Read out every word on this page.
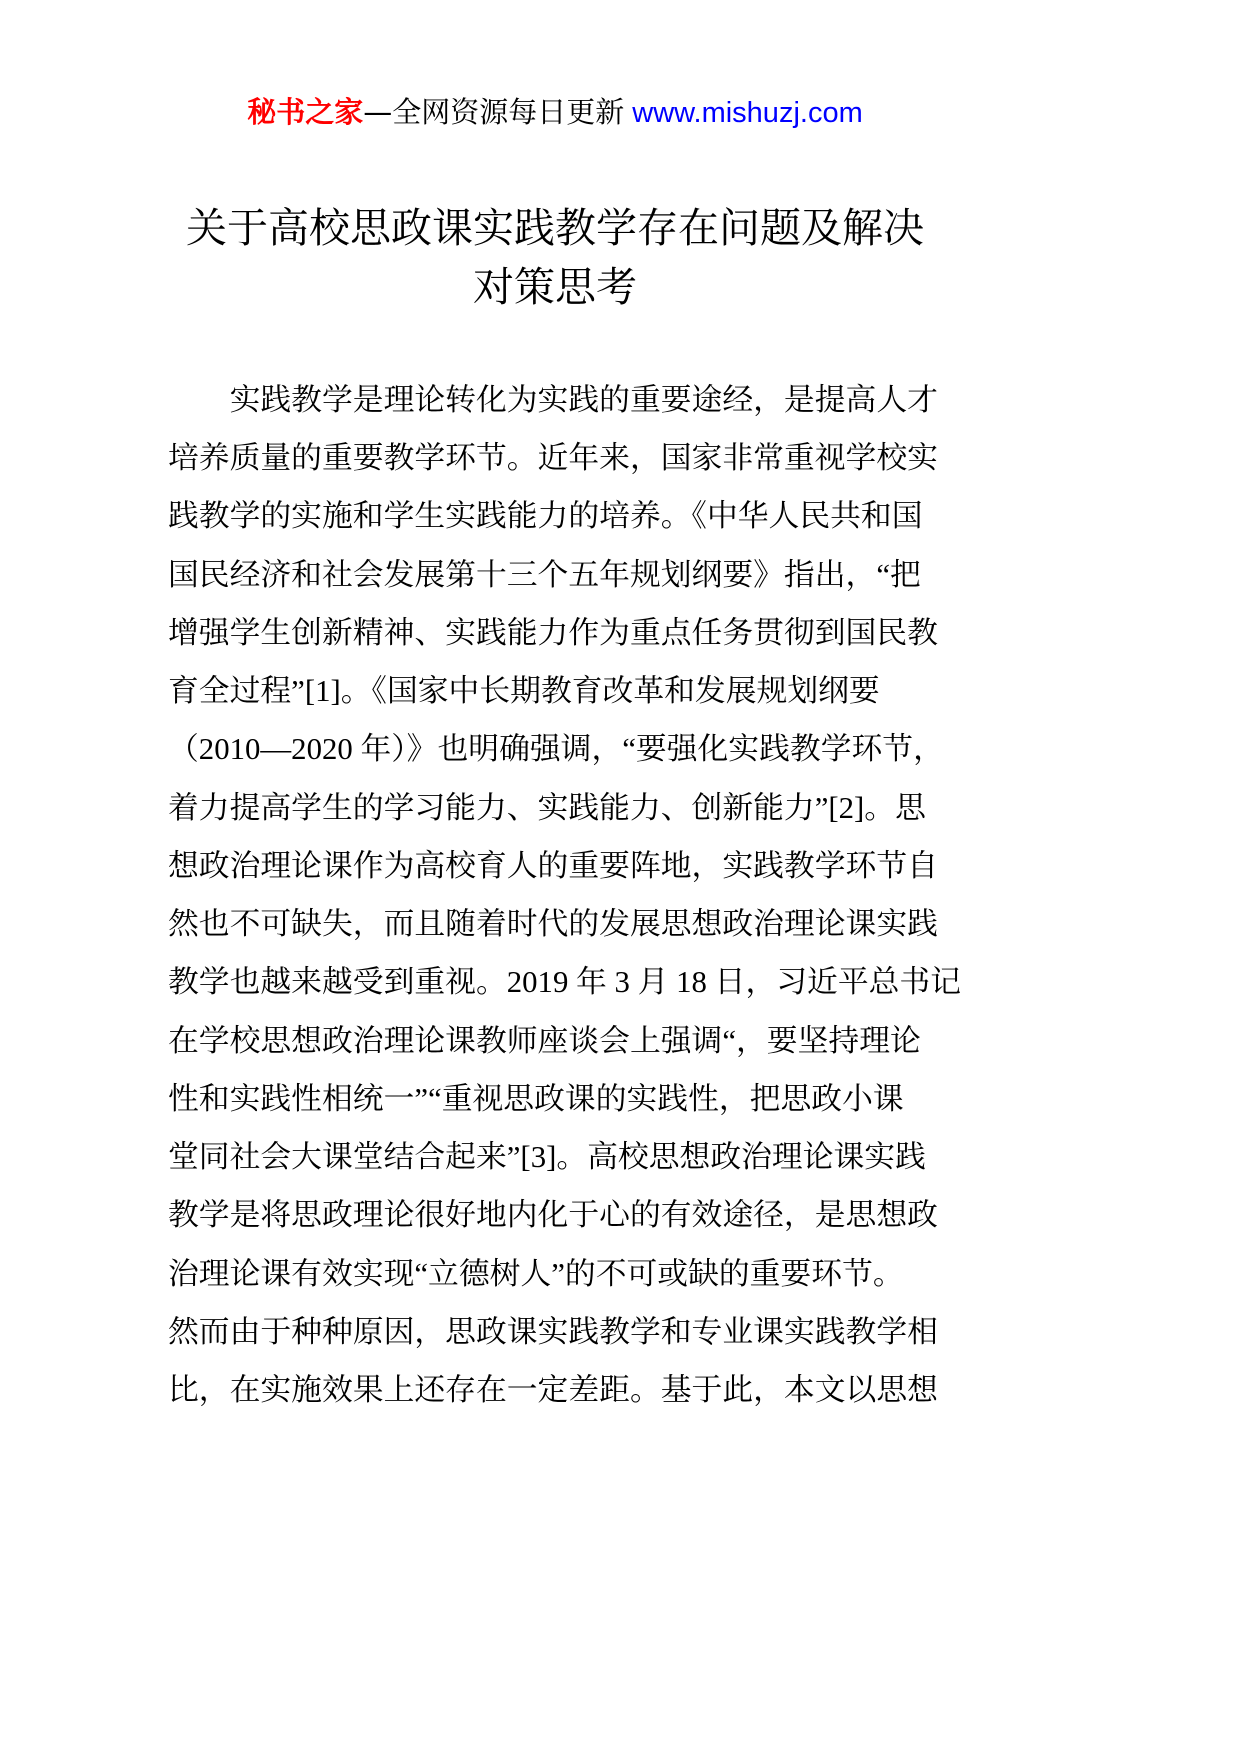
秘书之家—全网资源每日更新 www.mishuzj.com
关于高校思政课实践教学存在问题及解决
对策思考
实践教学是理论转化为实践的重要途经，是提高人才
培养质量的重要教学环节。近年来，国家非常重视学校实
践教学的实施和学生实践能力的培养。《中华人民共和国
国民经济和社会发展第十三个五年规划纲要》指出，“把
增强学生创新精神、实践能力作为重点任务贯彻到国民教
育全过程”[1]。《国家中长期教育改革和发展规划纲要
（2010—2020 年）》也明确强调，“要强化实践教学环节，
着力提高学生的学习能力、实践能力、创新能力”[2]。思
想政治理论课作为高校育人的重要阵地，实践教学环节自
然也不可缺失，而且随着时代的发展思想政治理论课实践
教学也越来越受到重视。2019 年 3 月 18 日，习近平总书记
在学校思想政治理论课教师座谈会上强调“，要坚持理论
性和实践性相统一”“重视思政课的实践性，把思政小课
堂同社会大课堂结合起来”[3]。高校思想政治理论课实践
教学是将思政理论很好地内化于心的有效途径，是思想政
治理论课有效实现“立德树人”的不可或缺的重要环节。
然而由于种种原因，思政课实践教学和专业课实践教学相
比，在实施效果上还存在一定差距。基于此，本文以思想
